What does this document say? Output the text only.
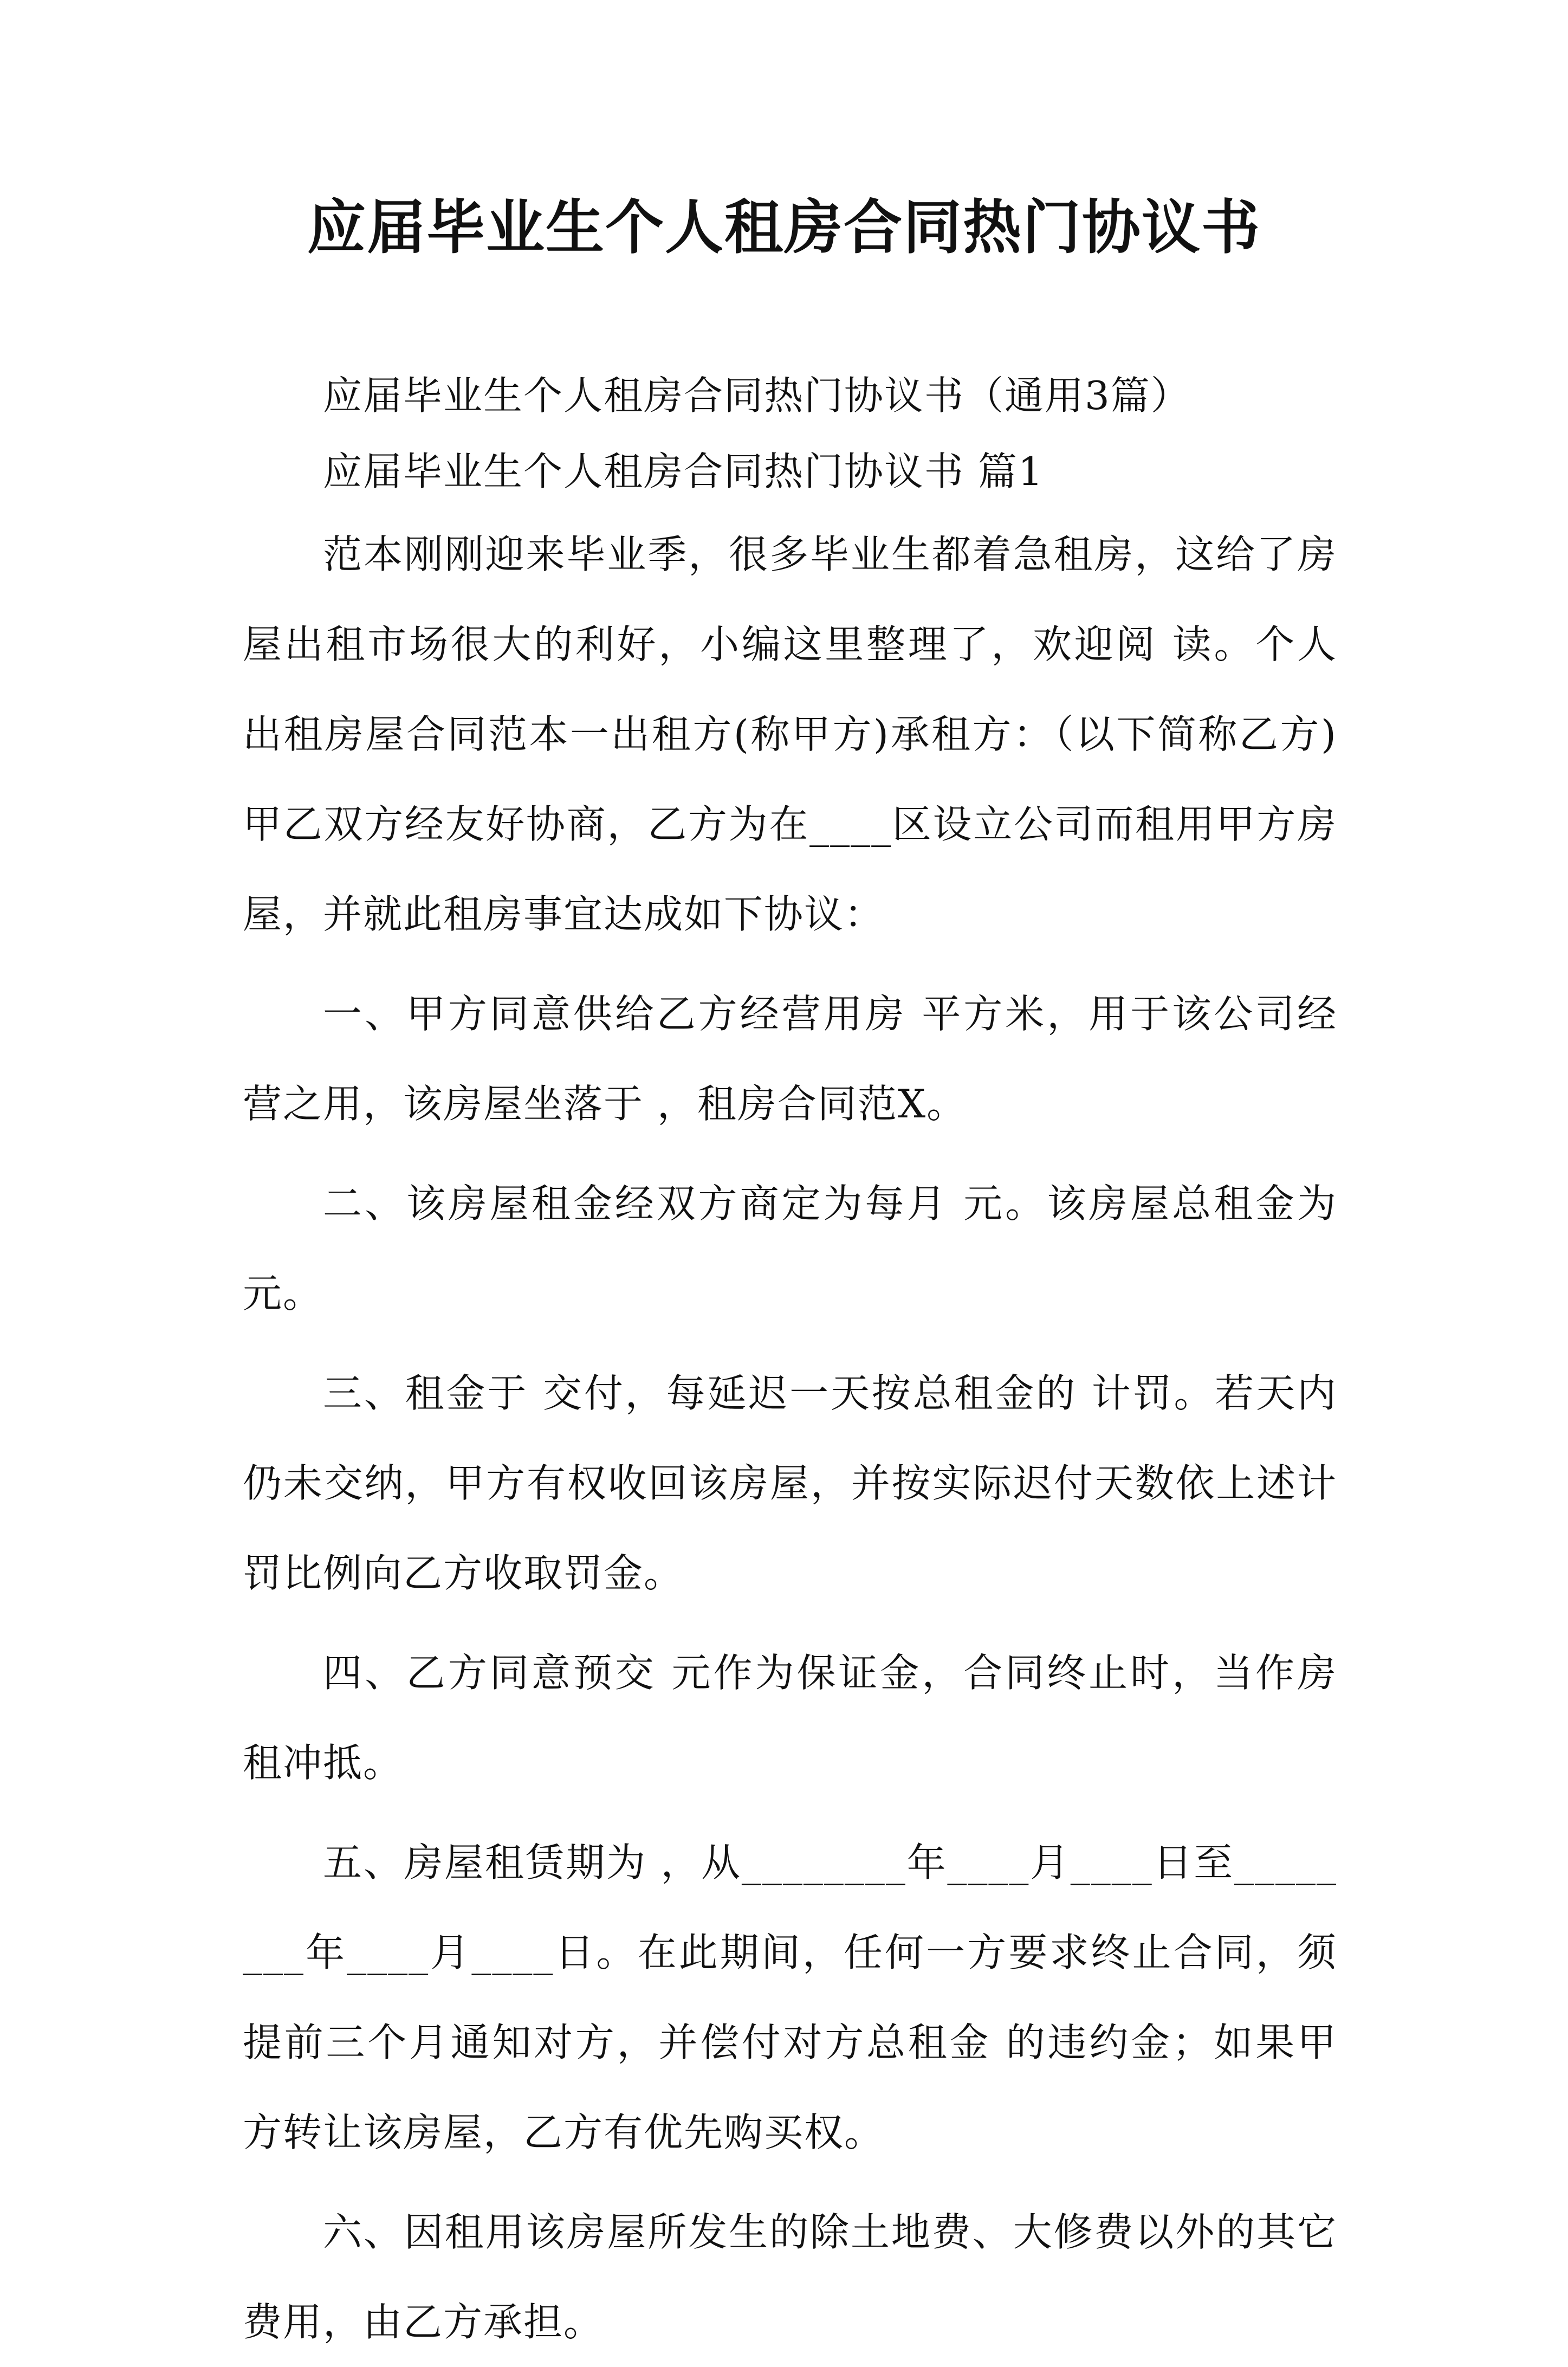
应届毕业生个人租房合同热门协议书

应届毕业生个人租房合同热门协议书（通用3篇）

应届毕业生个人租房合同热门协议书 篇1

范本刚刚迎来毕业季，很多毕业生都着急租房，这给了房屋出租市场很大的利好，小编这里整理了，欢迎阅 读。个人出租房屋合同范本一出租方(称甲方)承租方：（以下简称乙方)甲乙双方经友好协商，乙方为在____区设立公司而租用甲方房屋，并就此租房事宜达成如下协议：

一、甲方同意供给乙方经营用房 平方米，用于该公司经营之用，该房屋坐落于 ，租房合同范X。

二、该房屋租金经双方商定为每月 元。该房屋总租金为 元。

三、租金于 交付，每延迟一天按总租金的 计罚。若天内仍未交纳，甲方有权收回该房屋，并按实际迟付天数依上述计罚比例向乙方收取罚金。

四、乙方同意预交 元作为保证金，合同终止时，当作房租冲抵。

五、房屋租赁期为 ，从________年____月____日至________年____月____日。在此期间，任何一方要求终止合同，须提前三个月通知对方，并偿付对方总租金 的违约金；如果甲方转让该房屋，乙方有优先购买权。

六、因租用该房屋所发生的除土地费、大修费以外的其它费用，由乙方承担。
